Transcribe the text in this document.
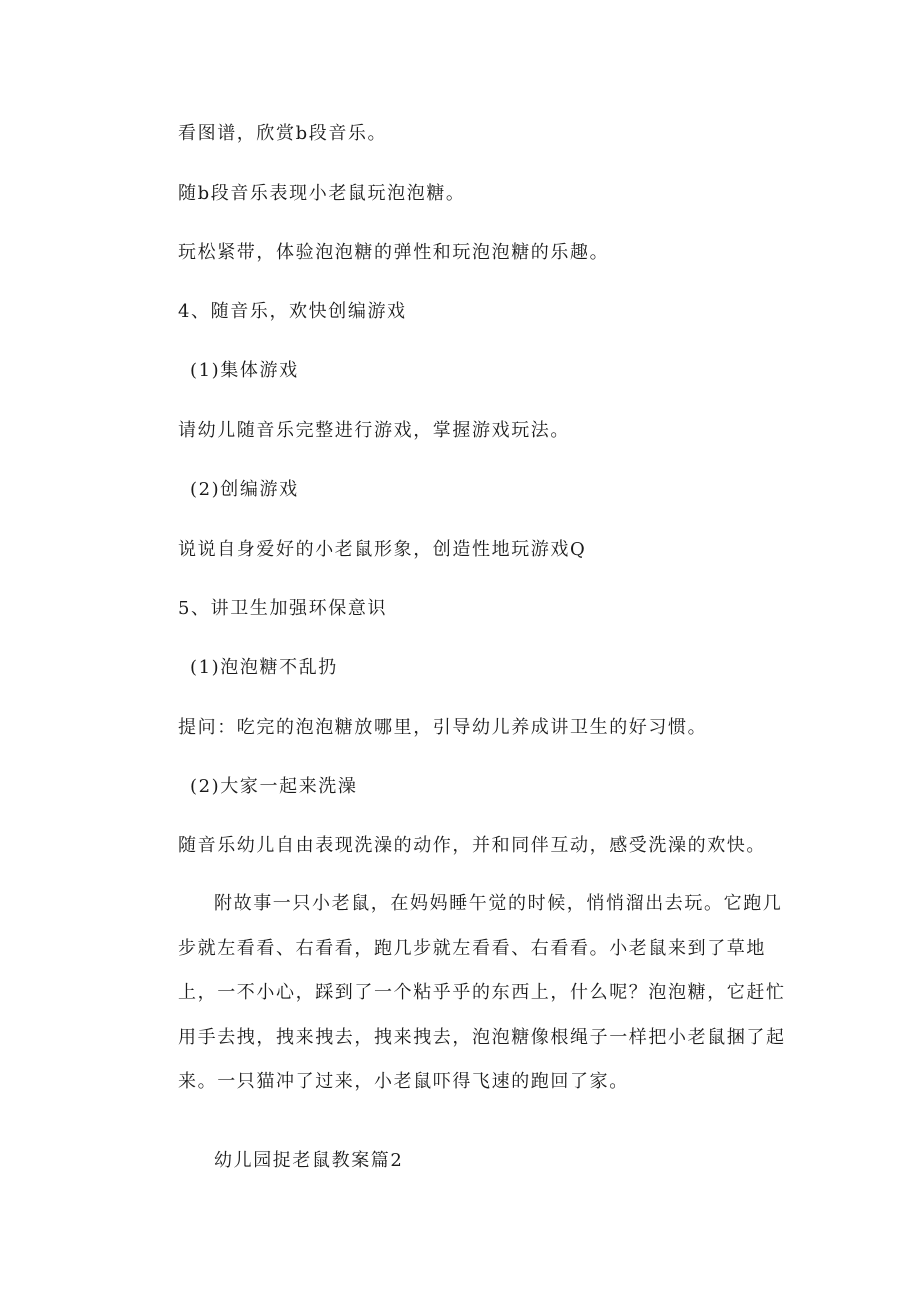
看图谱，欣赏b段音乐。

随b段音乐表现小老鼠玩泡泡糖。

玩松紧带，体验泡泡糖的弹性和玩泡泡糖的乐趣。

4、随音乐，欢快创编游戏

(1)集体游戏

请幼儿随音乐完整进行游戏，掌握游戏玩法。

(2)创编游戏

说说自身爱好的小老鼠形象，创造性地玩游戏Q

5、讲卫生加强环保意识

(1)泡泡糖不乱扔

提问：吃完的泡泡糖放哪里，引导幼儿养成讲卫生的好习惯。

(2)大家一起来洗澡

随音乐幼儿自由表现洗澡的动作，并和同伴互动，感受洗澡的欢快。

附故事一只小老鼠，在妈妈睡午觉的时候，悄悄溜出去玩。它跑几步就左看看、右看看，跑几步就左看看、右看看。小老鼠来到了草地上，一不小心，踩到了一个粘乎乎的东西上，什么呢？泡泡糖，它赶忙用手去拽，拽来拽去，拽来拽去，泡泡糖像根绳子一样把小老鼠捆了起来。一只猫冲了过来，小老鼠吓得飞速的跑回了家。

幼儿园捉老鼠教案篇2
